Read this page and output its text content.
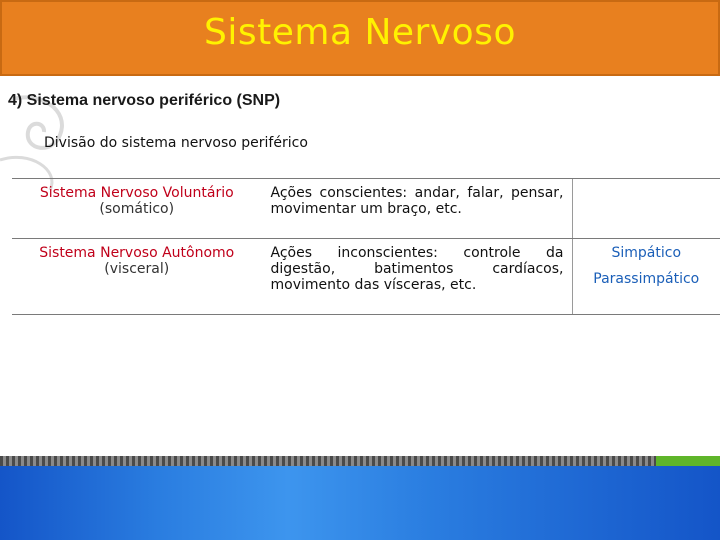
Sistema Nervoso
4) Sistema nervoso periférico (SNP)
Divisão do sistema nervoso periférico
Sistema Nervoso Voluntário
(somático)	Ações conscientes: andar, falar, pensar, movimentar um braço, etc.	
Sistema Nervoso Autônomo
(visceral)	Ações inconscientes: controle da digestão, batimentos cardíacos, movimento das vísceras, etc.	Simpático
Parassimpático
